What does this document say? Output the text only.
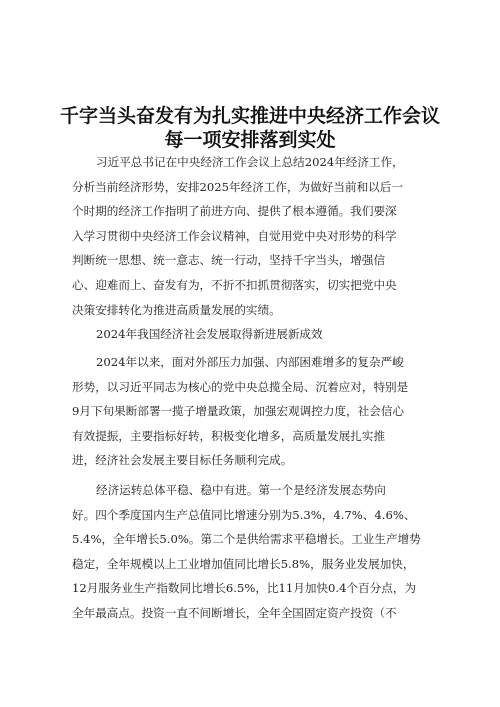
千字当头奋发有为扎实推进中央经济工作会议
每一项安排落到实处
习近平总书记在中央经济工作会议上总结2024年经济工作，
分析当前经济形势，安排2025年经济工作，为做好当前和以后一
个时期的经济工作指明了前进方向、提供了根本遵循。我们要深
入学习贯彻中央经济工作会议精神，自觉用党中央对形势的科学
判断统一思想、统一意志、统一行动，坚持千字当头，增强信
心、迎难而上、奋发有为，不折不扣抓贯彻落实，切实把党中央
决策安排转化为推进高质量发展的实绩。
2024年我国经济社会发展取得新进展新成效
2024年以来，面对外部压力加强、内部困难增多的复杂严峻
形势，以习近平同志为核心的党中央总揽全局、沉着应对，特别是
9月下旬果断部署一揽子增量政策，加强宏观调控力度，社会信心
有效提振，主要指标好转，积极变化增多，高质量发展扎实推
进，经济社会发展主要目标任务顺利完成。
经济运转总体平稳、稳中有进。第一个是经济发展态势向
好。四个季度国内生产总值同比增速分别为5.3%，4.7%、4.6%、
5.4%，全年增长5.0%。第二个是供给需求平稳增长。工业生产增势
稳定，全年规模以上工业增加值同比增长5.8%，服务业发展加快，
12月服务业生产指数同比增长6.5%，比11月加快0.4个百分点，为
全年最高点。投资一直不间断增长，全年全国固定资产投资（不
